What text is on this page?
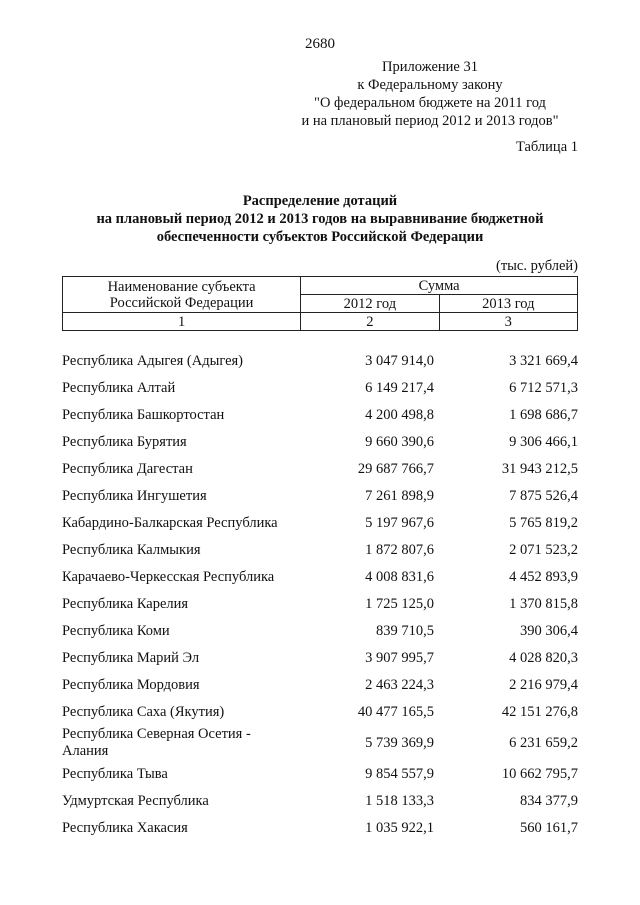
2680
Приложение 31
к Федеральному закону
"О федеральном бюджете на 2011 год
и на плановый период 2012 и 2013 годов"
Таблица 1
Распределение дотаций
на плановый период 2012 и 2013 годов на выравнивание бюджетной
обеспеченности субъектов Российской Федерации
(тыс. рублей)
Наименование субъекта
Российской Федерации	Сумма	
	2012 год	2013 год
1	2	3
Республика Адыгея (Адыгея)	3 047 914,0	3 321 669,4
Республика Алтай	6 149 217,4	6 712 571,3
Республика Башкортостан	4 200 498,8	1 698 686,7
Республика Бурятия	9 660 390,6	9 306 466,1
Республика Дагестан	29 687 766,7	31 943 212,5
Республика Ингушетия	7 261 898,9	7 875 526,4
Кабардино-Балкарская Республика	5 197 967,6	5 765 819,2
Республика Калмыкия	1 872 807,6	2 071 523,2
Карачаево-Черкесская Республика	4 008 831,6	4 452 893,9
Республика Карелия	1 725 125,0	1 370 815,8
Республика Коми	839 710,5	390 306,4
Республика Марий Эл	3 907 995,7	4 028 820,3
Республика Мордовия	2 463 224,3	2 216 979,4
Республика Саха (Якутия)	40 477 165,5	42 151 276,8
Республика Северная Осетия -
Алания	5 739 369,9	6 231 659,2
Республика Тыва	9 854 557,9	10 662 795,7
Удмуртская Республика	1 518 133,3	834 377,9
Республика Хакасия	1 035 922,1	560 161,7
